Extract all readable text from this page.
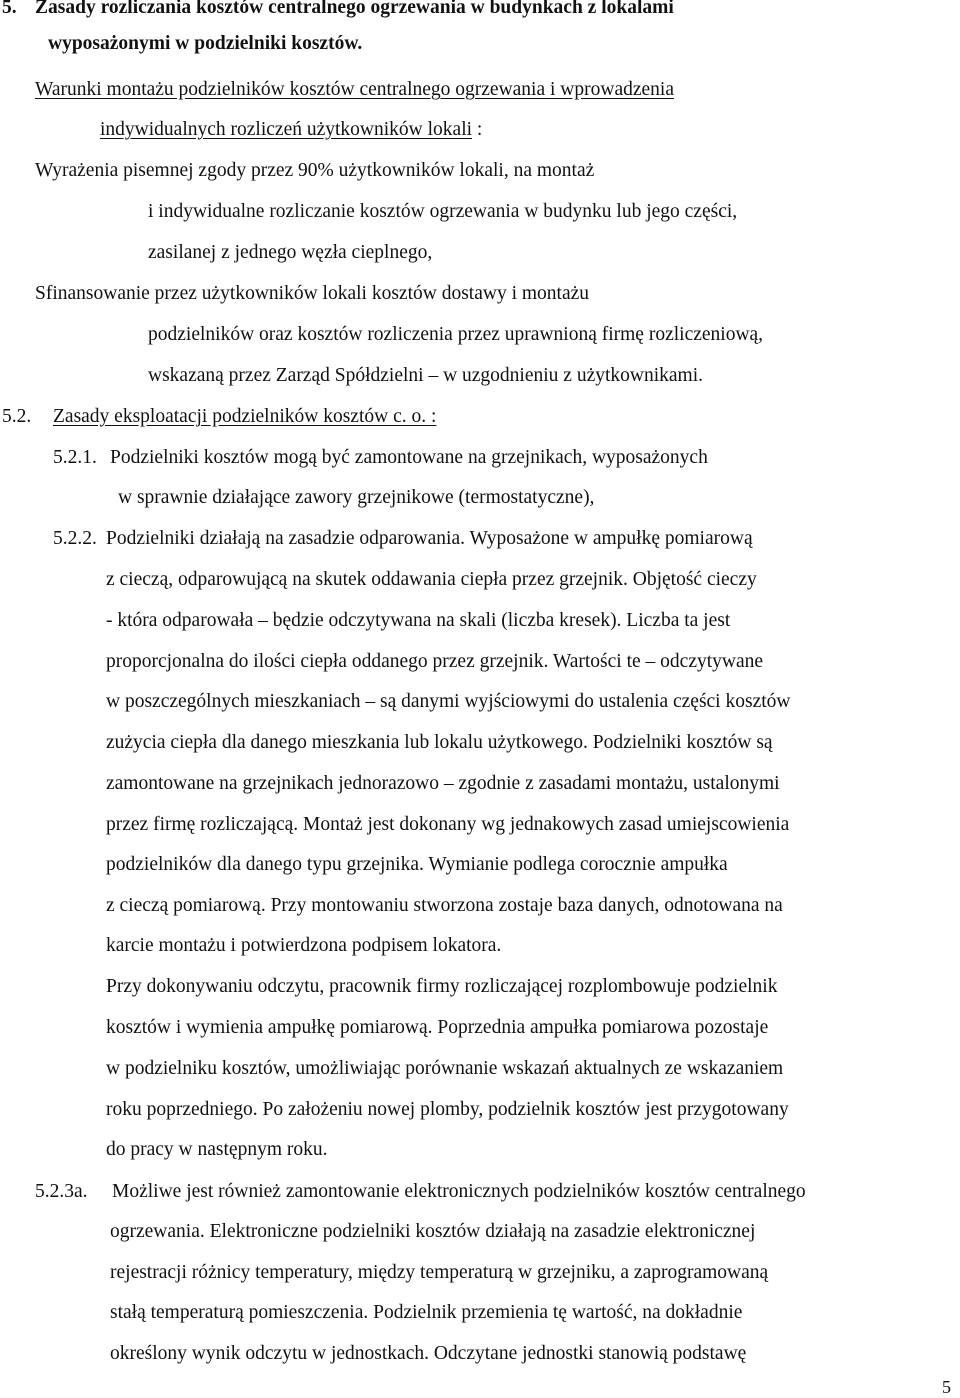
5. Zasady rozliczania kosztów centralnego ogrzewania w budynkach z lokalami
wyposażonymi w podzielniki kosztów.
Warunki montażu podzielników kosztów centralnego ogrzewania i wprowadzenia
indywidualnych rozliczeń użytkowników lokali :
Wyrażenia pisemnej zgody przez 90% użytkowników lokali, na montaż
i indywidualne rozliczanie kosztów ogrzewania w budynku lub jego części,
zasilanej z jednego węzła cieplnego,
Sfinansowanie przez użytkowników lokali kosztów dostawy i montażu
podzielników oraz kosztów rozliczenia przez uprawnioną firmę rozliczeniową,
wskazaną przez Zarząd Spółdzielni – w uzgodnieniu z użytkownikami.
5.2. Zasady eksploatacji podzielników kosztów c. o. :
5.2.1. Podzielniki kosztów mogą być zamontowane na grzejnikach, wyposażonych
w sprawnie działające zawory grzejnikowe (termostatyczne),
5.2.2. Podzielniki działają na zasadzie odparowania. Wyposażone w ampułkę pomiarową
z cieczą, odparowującą na skutek oddawania ciepła przez grzejnik. Objętość cieczy
- która odparowała – będzie odczytywana na skali (liczba kresek). Liczba ta jest
proporcjonalna do ilości ciepła oddanego przez grzejnik. Wartości te – odczytywane
w poszczególnych mieszkaniach – są danymi wyjściowymi do ustalenia części kosztów
zużycia ciepła dla danego mieszkania lub lokalu użytkowego. Podzielniki kosztów są
zamontowane na grzejnikach jednorazowo – zgodnie z zasadami montażu, ustalonymi
przez firmę rozliczającą. Montaż jest dokonany wg jednakowych zasad umiejscowienia
podzielników dla danego typu grzejnika. Wymianie podlega corocznie ampułka
z cieczą pomiarową. Przy montowaniu stworzona zostaje baza danych, odnotowana na
karcie montażu i potwierdzona podpisem lokatora.
Przy dokonywaniu odczytu, pracownik firmy rozliczającej rozplombowuje podzielnik
kosztów i wymienia ampułkę pomiarową. Poprzednia ampułka pomiarowa pozostaje
w podzielniku kosztów, umożliwiając porównanie wskazań aktualnych ze wskazaniem
roku poprzedniego. Po założeniu nowej plomby, podzielnik kosztów jest przygotowany
do pracy w następnym roku.
5.2.3a. Możliwe jest również zamontowanie elektronicznych podzielników kosztów centralnego
ogrzewania. Elektroniczne podzielniki kosztów działają na zasadzie elektronicznej
rejestracji różnicy temperatury, między temperaturą w grzejniku, a zaprogramowaną
stałą temperaturą pomieszczenia. Podzielnik przemienia tę wartość, na dokładnie
określony wynik odczytu w jednostkach. Odczytane jednostki stanowią podstawę
5
